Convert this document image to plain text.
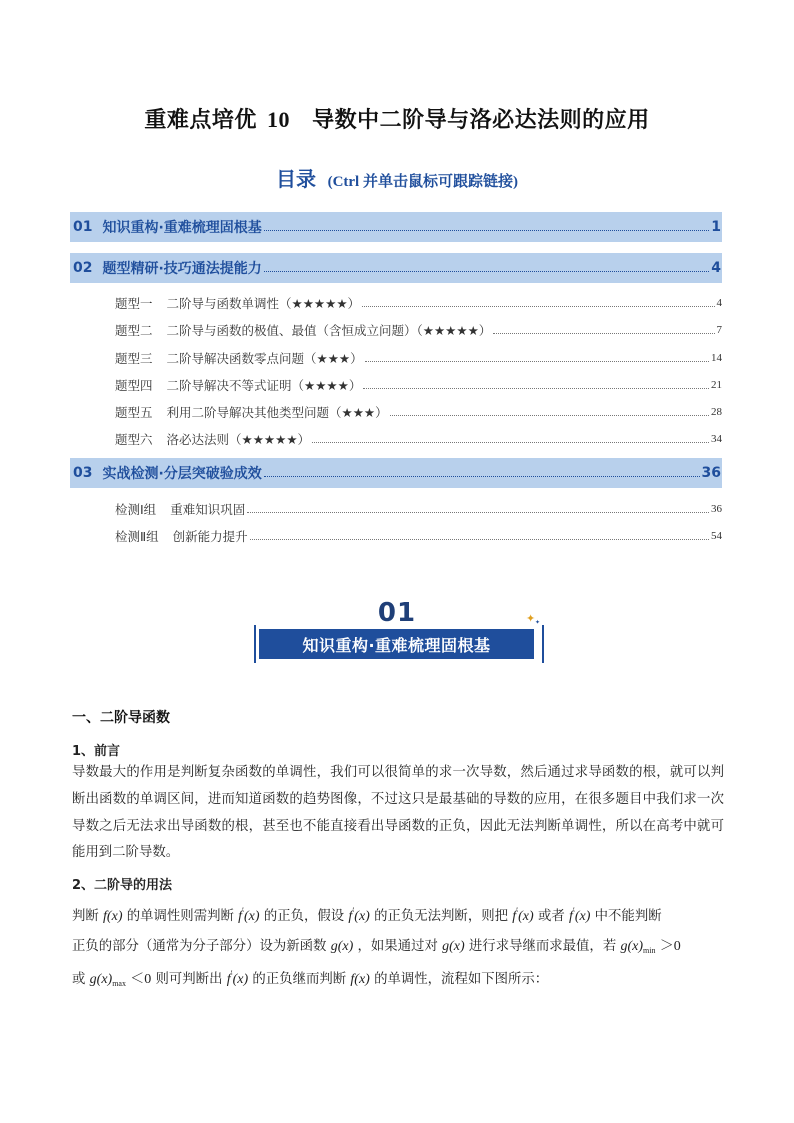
重难点培优 10 导数中二阶导与洛必达法则的应用
目录 (Ctrl 并单击鼠标可跟踪链接)
01 知识重构·重难梳理固根基	1
02 题型精研·技巧通法提能力	4
题型一 二阶导与函数单调性（★★★★★）	4
题型二 二阶导与函数的极值、最值（含恒成立问题）（★★★★★）	7
题型三 二阶导解决函数零点问题（★★★）	14
题型四 二阶导解决不等式证明（★★★★）	21
题型五 利用二阶导解决其他类型问题（★★★）	28
题型六 洛必达法则（★★★★★）	34
03 实战检测·分层突破验成效	36
检测Ⅰ组 重难知识巩固	36
检测Ⅱ组 创新能力提升	54
01
知识重构·重难梳理固根基
✦ ✦
一、二阶导函数
1、前言
导数最大的作用是判断复杂函数的单调性，我们可以很简单的求一次导数，然后通过求导函数的根，就可以判断出函数的单调区间，进而知道函数的趋势图像，不过这只是最基础的导数的应用，在很多题目中我们求一次导数之后无法求出导函数的根，甚至也不能直接看出导函数的正负，因此无法判断单调性，所以在高考中就可能用到二阶导数。
2、二阶导的用法
判断 f(x) 的单调性则需判断 f′(x) 的正负，假设 f′(x) 的正负无法判断，则把 f′(x) 或者 f′(x) 中不能判断
正负的部分（通常为分子部分）设为新函数 g(x) ，如果通过对 g(x) 进行求导继而求最值，若 $g(x)_{min} >0$
或 $g(x)_{max} <0$ 则可判断出 f′(x) 的正负继而判断 f(x) 的单调性，流程如下图所示：
